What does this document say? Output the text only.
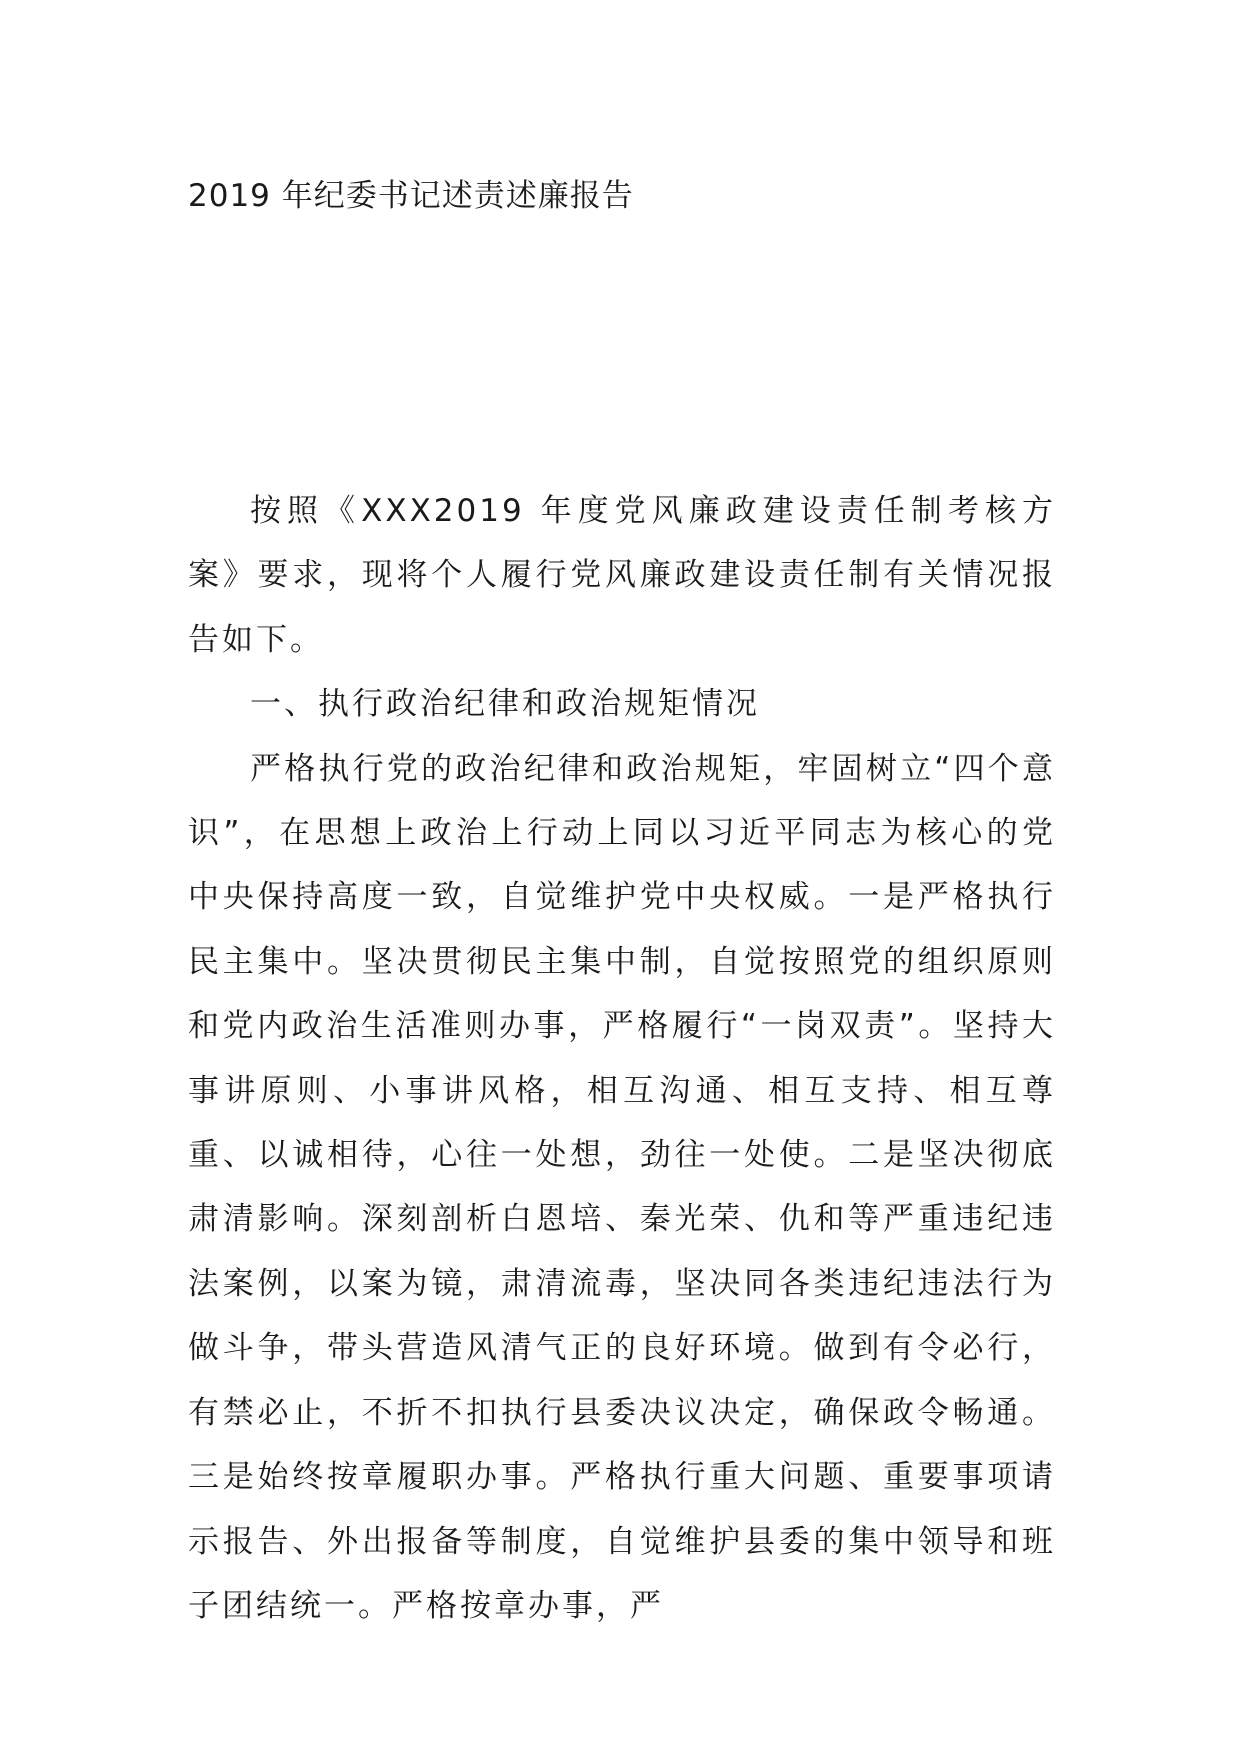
2019 年纪委书记述责述廉报告

按照《XXX2019 年度党风廉政建设责任制考核方案》要求，现将个人履行党风廉政建设责任制有关情况报告如下。

一、执行政治纪律和政治规矩情况

严格执行党的政治纪律和政治规矩，牢固树立“四个意识”，在思想上政治上行动上同以习近平同志为核心的党中央保持高度一致，自觉维护党中央权威。一是严格执行民主集中。坚决贯彻民主集中制，自觉按照党的组织原则和党内政治生活准则办事，严格履行“一岗双责”。坚持大事讲原则、小事讲风格，相互沟通、相互支持、相互尊重、以诚相待，心往一处想，劲往一处使。二是坚决彻底肃清影响。深刻剖析白恩培、秦光荣、仇和等严重违纪违法案例，以案为镜，肃清流毒，坚决同各类违纪违法行为做斗争，带头营造风清气正的良好环境。做到有令必行，有禁必止，不折不扣执行县委决议决定，确保政令畅通。三是始终按章履职办事。严格执行重大问题、重要事项请示报告、外出报备等制度，自觉维护县委的集中领导和班子团结统一。严格按章办事，严
